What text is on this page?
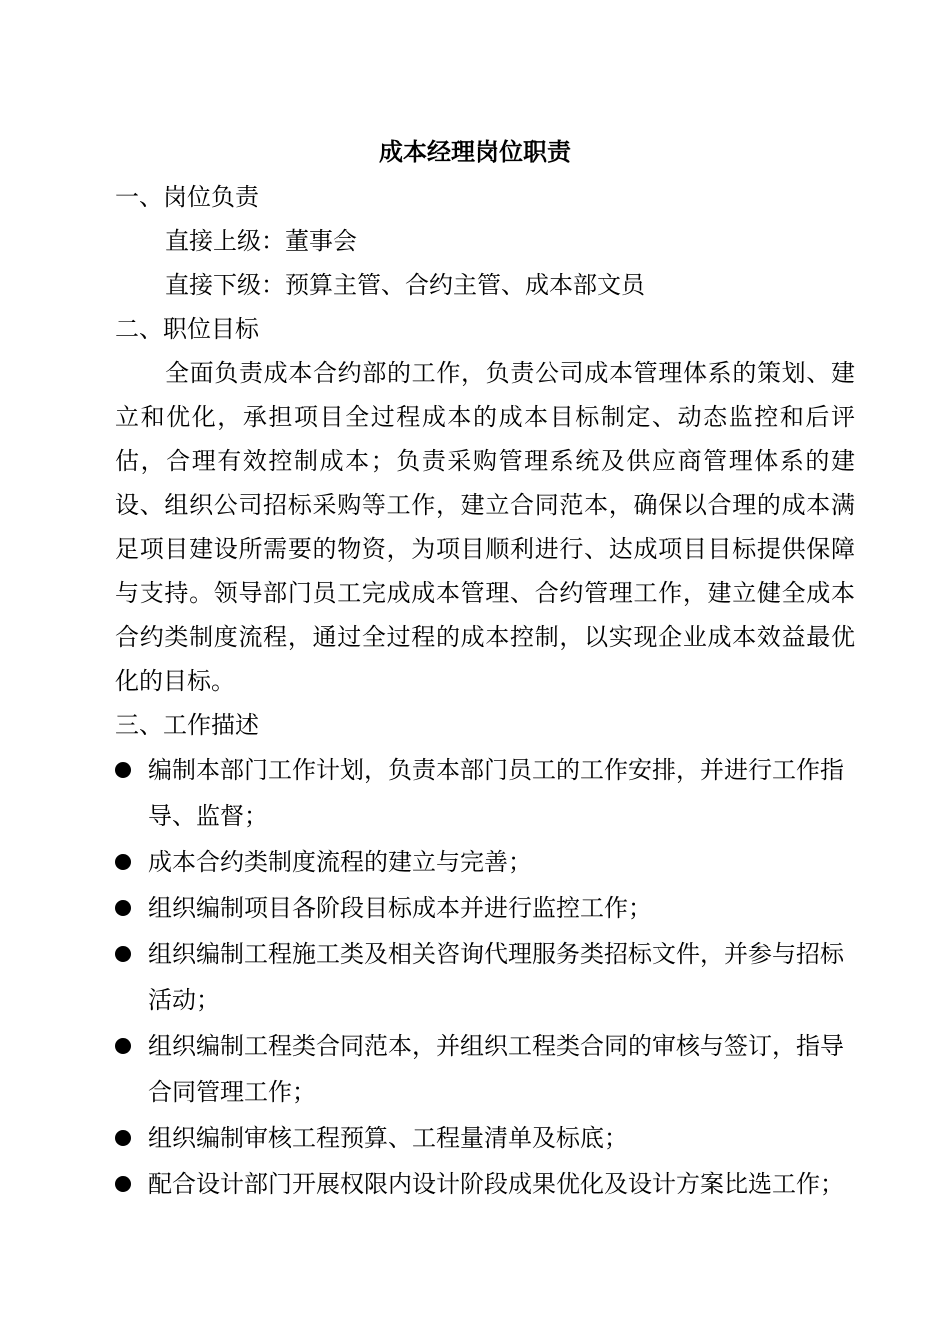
成本经理岗位职责

一、岗位负责

直接上级：董事会

直接下级：预算主管、合约主管、成本部文员

二、职位目标

全面负责成本合约部的工作，负责公司成本管理体系的策划、建立和优化，承担项目全过程成本的成本目标制定、动态监控和后评估，合理有效控制成本；负责采购管理系统及供应商管理体系的建设、组织公司招标采购等工作，建立合同范本，确保以合理的成本满足项目建设所需要的物资，为项目顺利进行、达成项目目标提供保障与支持。领导部门员工完成成本管理、合约管理工作，建立健全成本合约类制度流程，通过全过程的成本控制，以实现企业成本效益最优化的目标。

三、工作描述

编制本部门工作计划，负责本部门员工的工作安排，并进行工作指导、监督；
成本合约类制度流程的建立与完善；
组织编制项目各阶段目标成本并进行监控工作；
组织编制工程施工类及相关咨询代理服务类招标文件，并参与招标活动；
组织编制工程类合同范本，并组织工程类合同的审核与签订，指导合同管理工作；
组织编制审核工程预算、工程量清单及标底；
配合设计部门开展权限内设计阶段成果优化及设计方案比选工作；
